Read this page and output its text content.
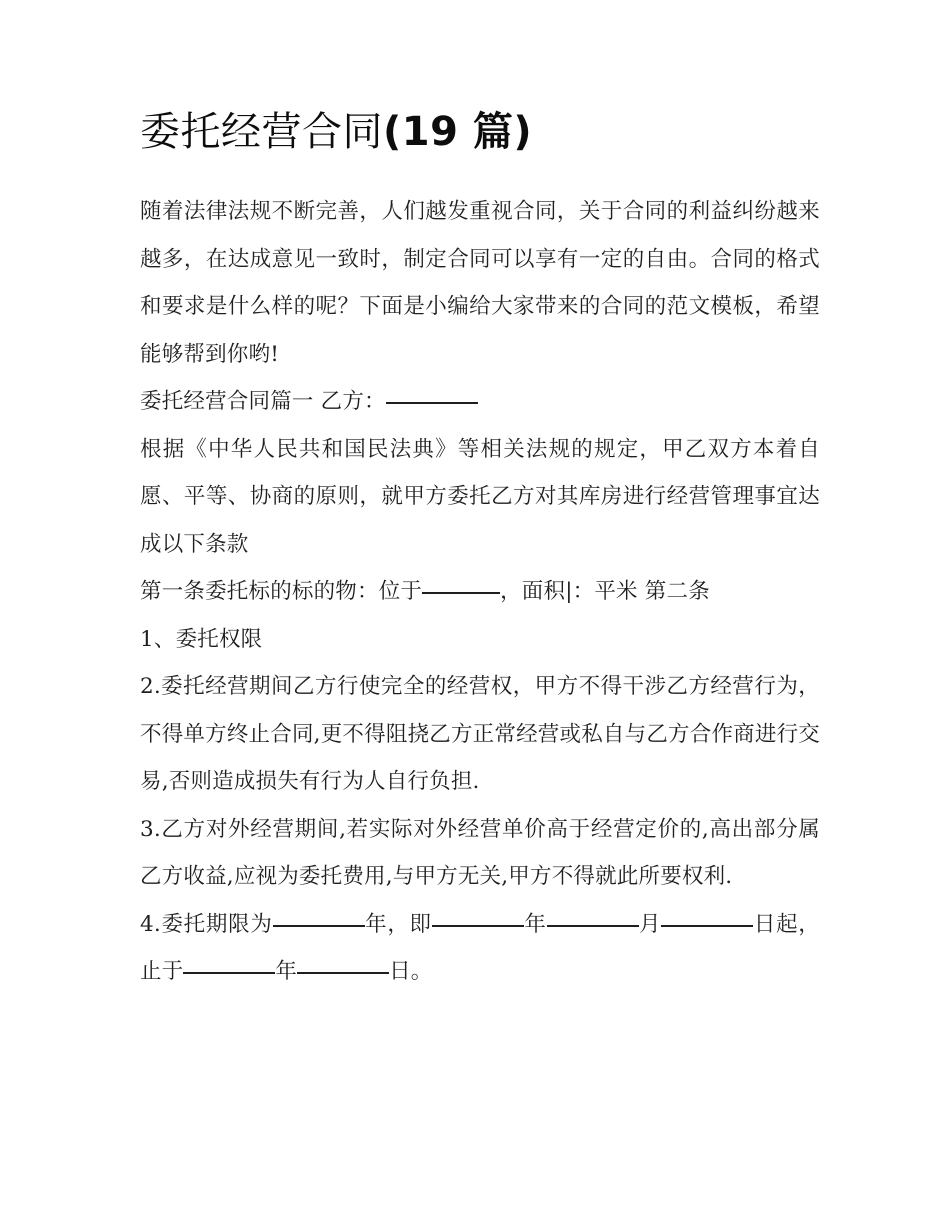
委托经营合同(19 篇)

随着法律法规不断完善，人们越发重视合同，关于合同的利益纠纷越来越多，在达成意见一致时，制定合同可以享有一定的自由。合同的格式和要求是什么样的呢？下面是小编给大家带来的合同的范文模板，希望能够帮到你哟!

委托经营合同篇一 乙方：

根据《中华人民共和国民法典》等相关法规的规定，甲乙双方本着自愿、平等、协商的原则，就甲方委托乙方对其库房进行经营管理事宜达成以下条款

第一条委托标的标的物：位于	，面积|：平米 第二条

1、委托权限

2.委托经营期间乙方行使完全的经营权，甲方不得干涉乙方经营行为，不得单方终止合同,更不得阻挠乙方正常经营或私自与乙方合作商进行交易,否则造成损失有行为人自行负担.

3.乙方对外经营期间,若实际对外经营单价高于经营定价的,高出部分属乙方收益,应视为委托费用,与甲方无关,甲方不得就此所要权利.

4.委托期限为	年，即	年	月	日起，止于	年	日。
